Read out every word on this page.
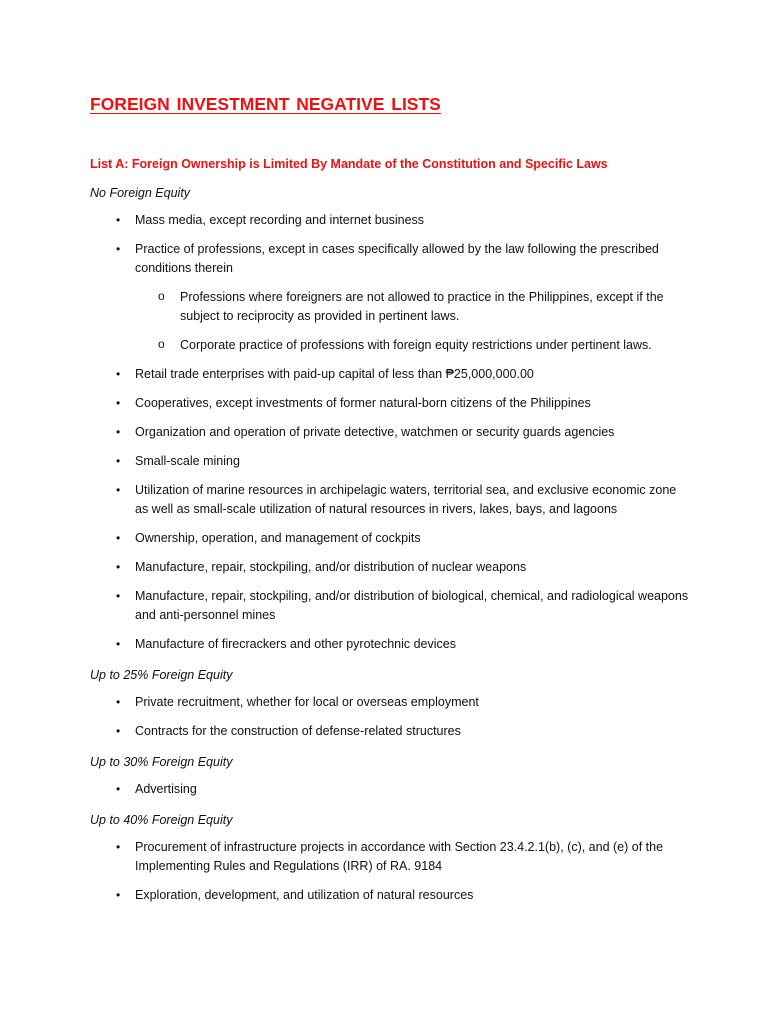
FOREIGN INVESTMENT NEGATIVE LISTS
List A: Foreign Ownership is Limited By Mandate of the Constitution and Specific Laws
No Foreign Equity
• Mass media, except recording and internet business
• Practice of professions, except in cases specifically allowed by the law following the prescribed conditions therein
o Professions where foreigners are not allowed to practice in the Philippines, except if the subject to reciprocity as provided in pertinent laws.
o Corporate practice of professions with foreign equity restrictions under pertinent laws.
• Retail trade enterprises with paid-up capital of less than ₱25,000,000.00
• Cooperatives, except investments of former natural-born citizens of the Philippines
• Organization and operation of private detective, watchmen or security guards agencies
• Small-scale mining
• Utilization of marine resources in archipelagic waters, territorial sea, and exclusive economic zone as well as small-scale utilization of natural resources in rivers, lakes, bays, and lagoons
• Ownership, operation, and management of cockpits
• Manufacture, repair, stockpiling, and/or distribution of nuclear weapons
• Manufacture, repair, stockpiling, and/or distribution of biological, chemical, and radiological weapons and anti-personnel mines
• Manufacture of firecrackers and other pyrotechnic devices
Up to 25% Foreign Equity
• Private recruitment, whether for local or overseas employment
• Contracts for the construction of defense-related structures
Up to 30% Foreign Equity
• Advertising
Up to 40% Foreign Equity
• Procurement of infrastructure projects in accordance with Section 23.4.2.1(b), (c), and (e) of the Implementing Rules and Regulations (IRR) of RA. 9184
• Exploration, development, and utilization of natural resources
